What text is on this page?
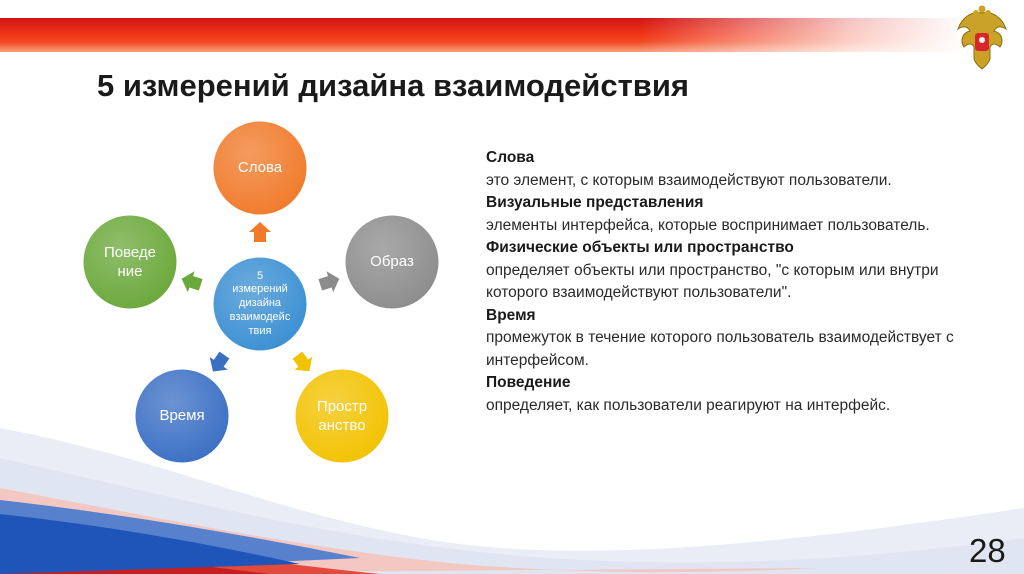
5 измерений дизайна взаимодействия
5
измерений
дизайна
взаимодейс
твия
Слова
Образ
Простр
анство
Время
Поведе
ние
Слова
это элемент, с которым взаимодействуют пользователи.
Визуальные представления
элементы интерфейса, которые воспринимает пользователь.
Физические объекты или пространство
определяет объекты или пространство, "с которым или внутри которого взаимодействуют пользователи".
Время
промежуток в течение которого пользователь взаимодействует с интерфейсом.
Поведение
определяет, как пользователи реагируют на интерфейс.
28
